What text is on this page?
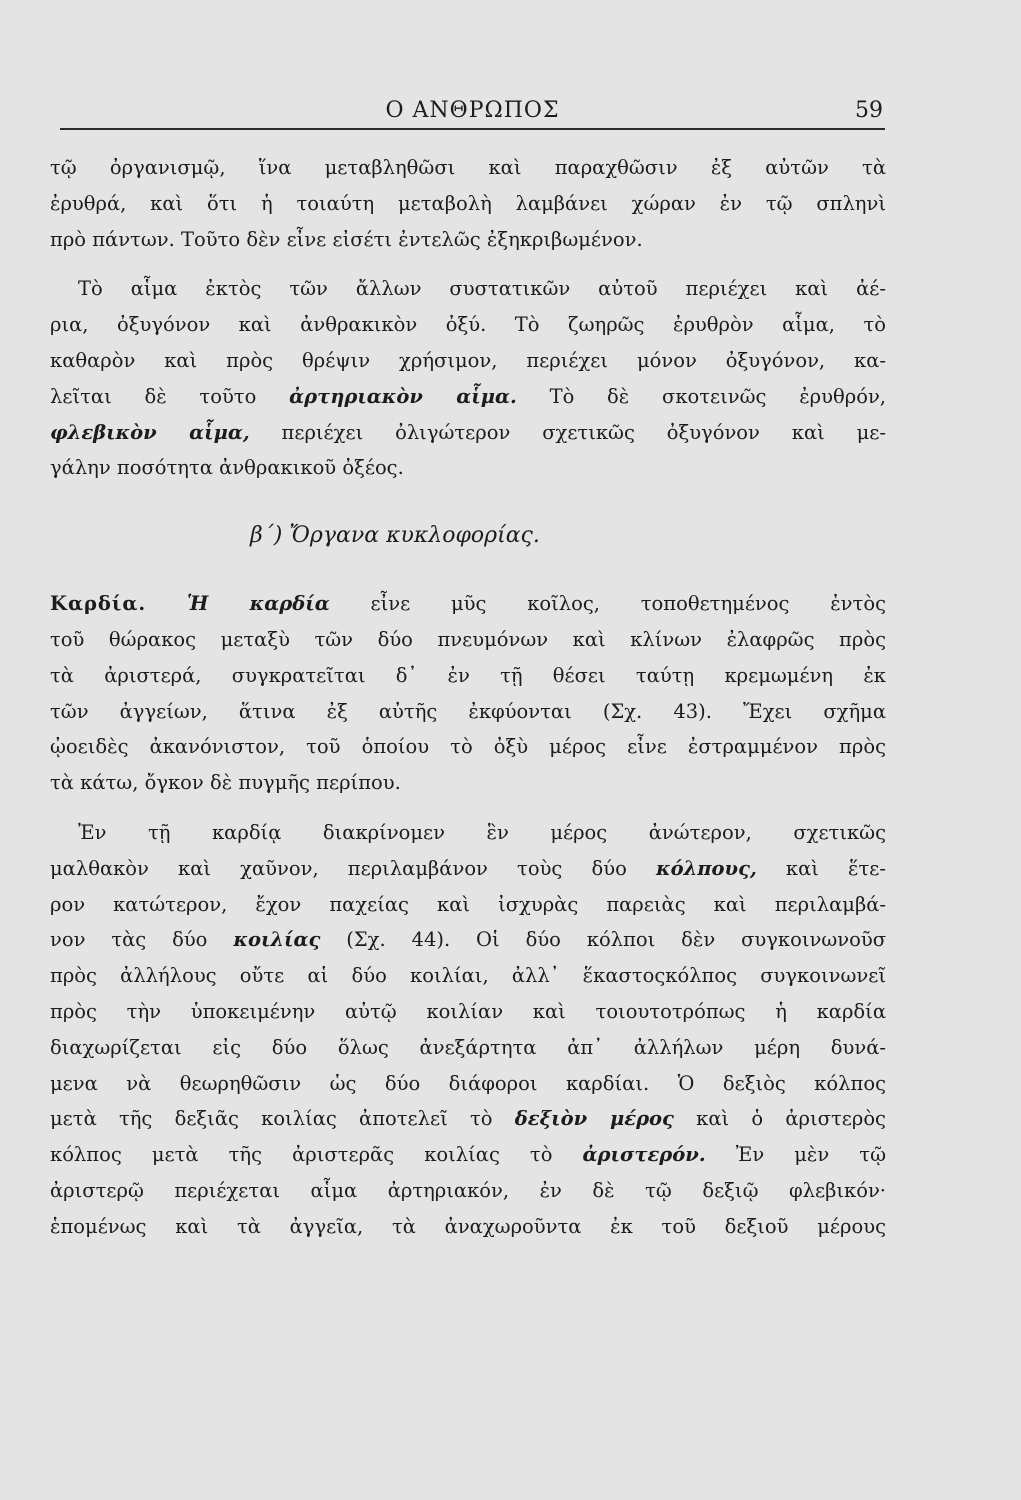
Ο ΑΝΘΡΩΠΟΣ	59
τῷ ὀργανισμῷ, ἵνα μεταβληθῶσι καὶ παραχθῶσιν ἐξ αὐτῶν τὰ
ἐρυθρά, καὶ ὅτι ἡ τοιαύτη μεταβολὴ λαμβάνει χώραν ἐν τῷ σπληνὶ
πρὸ πάντων. Τοῦτο δὲν εἶνε εἰσέτι ἐντελῶς ἐξηκριβωμένον.
Τὸ αἷμα ἐκτὸς τῶν ἄλλων συστατικῶν αὐτοῦ περιέχει καὶ ἀέ-
ρια, ὀξυγόνον καὶ ἀνθρακικὸν ὀξύ. Τὸ ζωηρῶς ἐρυθρὸν αἷμα, τὸ
καθαρὸν καὶ πρὸς θρέψιν χρήσιμον, περιέχει μόνον ὀξυγόνον, κα-
λεῖται δὲ τοῦτο ἀρτηριακὸν αἷμα. Τὸ δὲ σκοτεινῶς ἐρυθρόν,
φλεβικὸν αἷμα, περιέχει ὀλιγώτερον σχετικῶς ὀξυγόνον καὶ με-
γάλην ποσότητα ἀνθρακικοῦ ὀξέος.
β΄) Ὄργανα κυκλοφορίας.
Καρδία. Ἡ καρδία εἶνε μῦς κοῖλος, τοποθετημένος ἐντὸς
τοῦ θώρακος μεταξὺ τῶν δύο πνευμόνων καὶ κλίνων ἐλαφρῶς πρὸς
τὰ ἀριστερά, συγκρατεῖται δ᾽ ἐν τῇ θέσει ταύτῃ κρεμωμένη ἐκ
τῶν ἀγγείων, ἅτινα ἐξ αὐτῆς ἐκφύονται (Σχ. 43). Ἔχει σχῆμα
ᾠοειδὲς ἀκανόνιστον, τοῦ ὁποίου τὸ ὀξὺ μέρος εἶνε ἐστραμμένον πρὸς
τὰ κάτω, ὄγκον δὲ πυγμῆς περίπου.
Ἐν τῇ καρδίᾳ διακρίνομεν ἓν μέρος ἀνώτερον, σχετικῶς
μαλθακὸν καὶ χαῦνον, περιλαμβάνον τοὺς δύο κόλπους, καὶ ἕτε-
ρον κατώτερον, ἔχον παχείας καὶ ἰσχυρὰς παρειὰς καὶ περιλαμβά-
νον τὰς δύο κοιλίας (Σχ. 44). Οἱ δύο κόλποι δὲν συγκοινωνοῦσ
πρὸς ἀλλήλους οὔτε αἱ δύο κοιλίαι, ἀλλ᾽ ἕκαστοςκόλπος συγκοινωνεῖ
πρὸς τὴν ὑποκειμένην αὐτῷ κοιλίαν καὶ τοιουτοτρόπως ἡ καρδία
διαχωρίζεται εἰς δύο ὅλως ἀνεξάρτητα ἀπ᾽ ἀλλήλων μέρη δυνά-
μενα νὰ θεωρηθῶσιν ὡς δύο διάφοροι καρδίαι. Ὁ δεξιὸς κόλπος
μετὰ τῆς δεξιᾶς κοιλίας ἀποτελεῖ τὸ δεξιὸν μέρος καὶ ὁ ἀριστερὸς
κόλπος μετὰ τῆς ἀριστερᾶς κοιλίας τὸ ἀριστερόν. Ἐν μὲν τῷ
ἀριστερῷ περιέχεται αἷμα ἀρτηριακόν, ἐν δὲ τῷ δεξιῷ φλεβικόν·
ἑπομένως καὶ τὰ ἀγγεῖα, τὰ ἀναχωροῦντα ἐκ τοῦ δεξιοῦ μέρους
